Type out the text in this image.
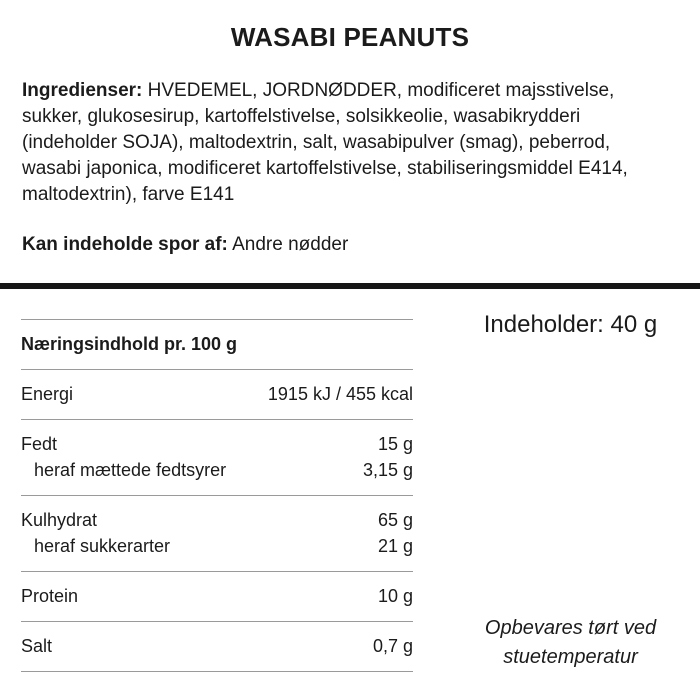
WASABI PEANUTS

Ingredienser: HVEDEMEL, JORDNØDDER, modificeret majsstivelse, sukker, glukosesirup, kartoffelstivelse, solsikkeolie, wasabikrydderi (indeholder SOJA), maltodextrin, salt, wasabipulver (smag), peberrod, wasabi japonica, modificeret kartoffelstivelse, stabiliseringsmiddel E414, maltodextrin), farve E141

Kan indeholde spor af: Andre nødder

Næringsindhold pr. 100 g
Energi	1915 kJ / 455 kcal
Fedt	15 g
heraf mættede fedtsyrer	3,15 g
Kulhydrat	65 g
heraf sukkerarter	21 g
Protein	10 g
Salt	0,7 g
Indeholder: 40 g
Opbevares tørt ved stuetemperatur
